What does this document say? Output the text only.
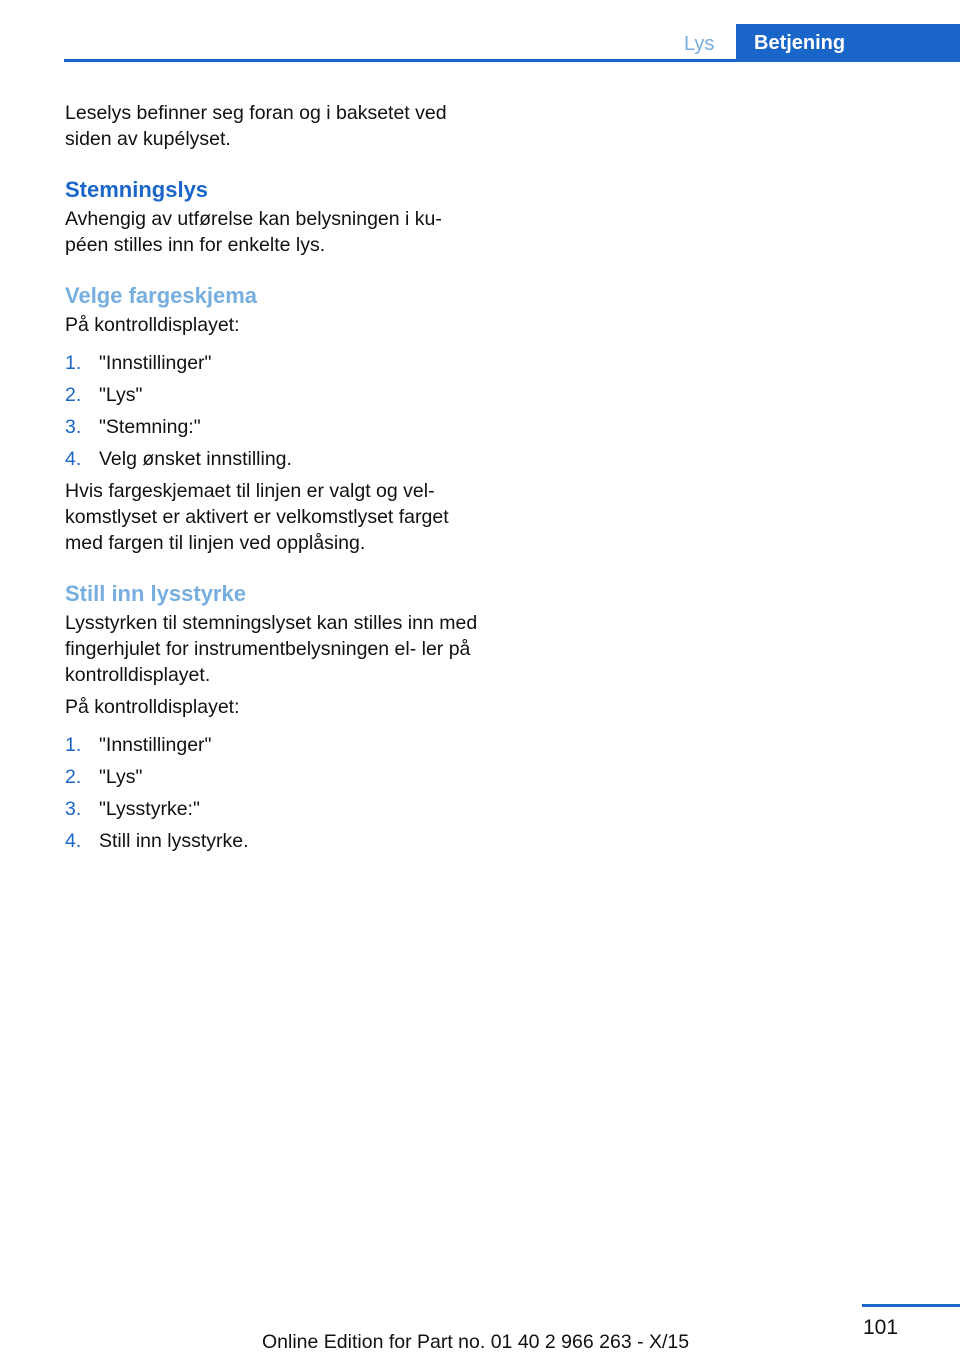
Lys	Betjening

Leselys befinner seg foran og i baksetet ved siden av kupélyset.

Stemningslys

Avhengig av utførelse kan belysningen i ku‐ péen stilles inn for enkelte lys.

Velge fargeskjema

På kontrolldisplayet:

1. "Innstillinger"
2. "Lys"
3. "Stemning:"
4. Velg ønsket innstilling.

Hvis fargeskjemaet til linjen er valgt og vel‐ komstlyset er aktivert er velkomstlyset farget med fargen til linjen ved opplåsing.

Still inn lysstyrke

Lysstyrken til stemningslyset kan stilles inn med fingerhjulet for instrumentbelysningen el‐ ler på kontrolldisplayet.

På kontrolldisplayet:

1. "Innstillinger"
2. "Lys"
3. "Lysstyrke:"
4. Still inn lysstyrke.
101
Online Edition for Part no. 01 40 2 966 263 - X/15
